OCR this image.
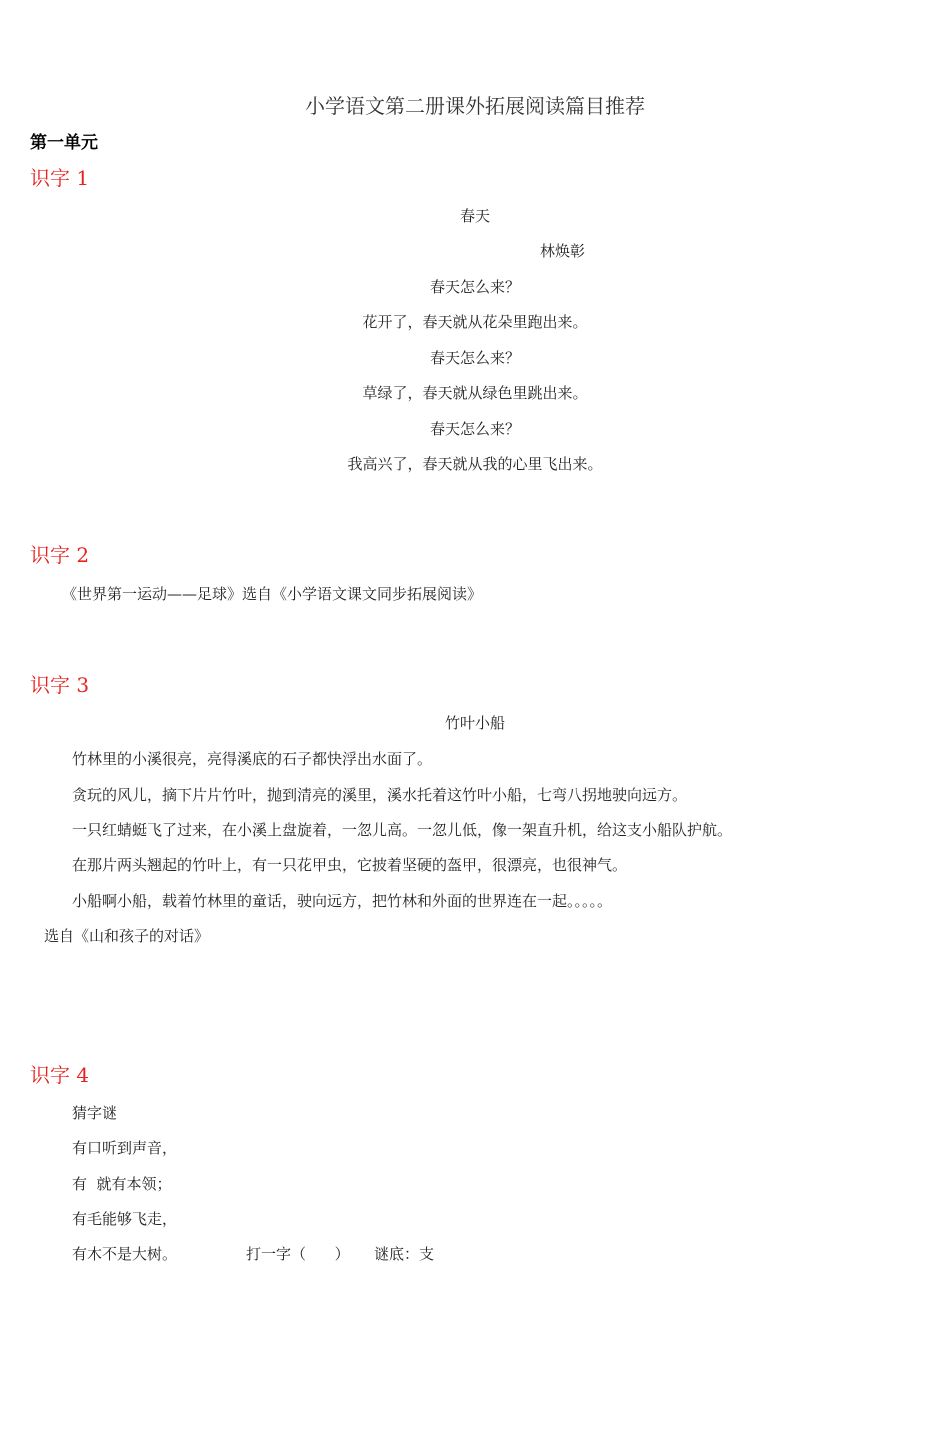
小学语文第二册课外拓展阅读篇目推荐
第一单元
识字 1
春天
林焕彰
春天怎么来？
花开了，春天就从花朵里跑出来。
春天怎么来？
草绿了，春天就从绿色里跳出来。
春天怎么来？
我高兴了，春天就从我的心里飞出来。
识字 2
《世界第一运动——足球》选自《小学语文课文同步拓展阅读》
识字 3
竹叶小船
竹林里的小溪很亮，亮得溪底的石子都快浮出水面了。
贪玩的风儿，摘下片片竹叶，抛到清亮的溪里，溪水托着这竹叶小船，七弯八拐地驶向远方。
一只红蜻蜓飞了过来，在小溪上盘旋着，一忽儿高。一忽儿低，像一架直升机，给这支小船队护航。
在那片两头翘起的竹叶上，有一只花甲虫，它披着坚硬的盔甲，很漂亮，也很神气。
小船啊小船，载着竹林里的童话，驶向远方，把竹林和外面的世界连在一起。。。。。
选自《山和孩子的对话》
识字 4
猜字谜
有口听到声音，
有  就有本领；
有毛能够飞走，
有木不是大树。	打一字（      ） 谜底：支
